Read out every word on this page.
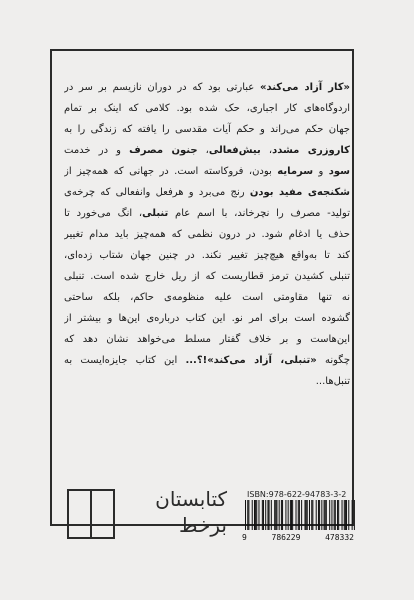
«کار آزاد می‌کند» عبارتی بود که در دوران نازیسم بر سر در
اردوگاه‌های کار اجباری، حک شده بود. کلامی که اینک بر تمام
جهان حکم می‌راند و حکم آیات مقدسی را یافته که زندگی را به
کاروزری مشدد، بیش‌فعالی، جنون مصرف و در خدمت
سود و سرمایه بودن، فروکاسته است. در جهانی که همه‌چیز از
شکنجه‌ی مفید بودن رنج می‌برد و هرفعل وانفعالی که چرخه‌ی
تولید- مصرف را نچرخاند، با اسم عام تنبلی، انگ می‌خورد تا
حذف یا ادغام شود. در درون نظمی که همه‌چیز باید مدام تغییر
کند تا به‌واقع هیچ‌چیز تغییر نکند. در چنین جهان شتاب زده‌ای،
تنبلی کشیدن ترمز قطاریست که از ریل خارج شده است. تنبلی
نه تنها مقاومتی است علیه منظومه‌ی حاکم، بلکه ساحتی
گشوده است برای امر نو. این کتاب درباره‌ی این‌ها و بیشتر از
این‌هاست و بر خلاف گفتار مسلط می‌خواهد نشان دهد که
چگونه «تنبلی، آزاد می‌کند»!؟... این کتاب جایزه‌ایست به
تنبل‌ها...
کتابستان
برخط
ISBN:978-622-94783-3-2
9	786229	478332
